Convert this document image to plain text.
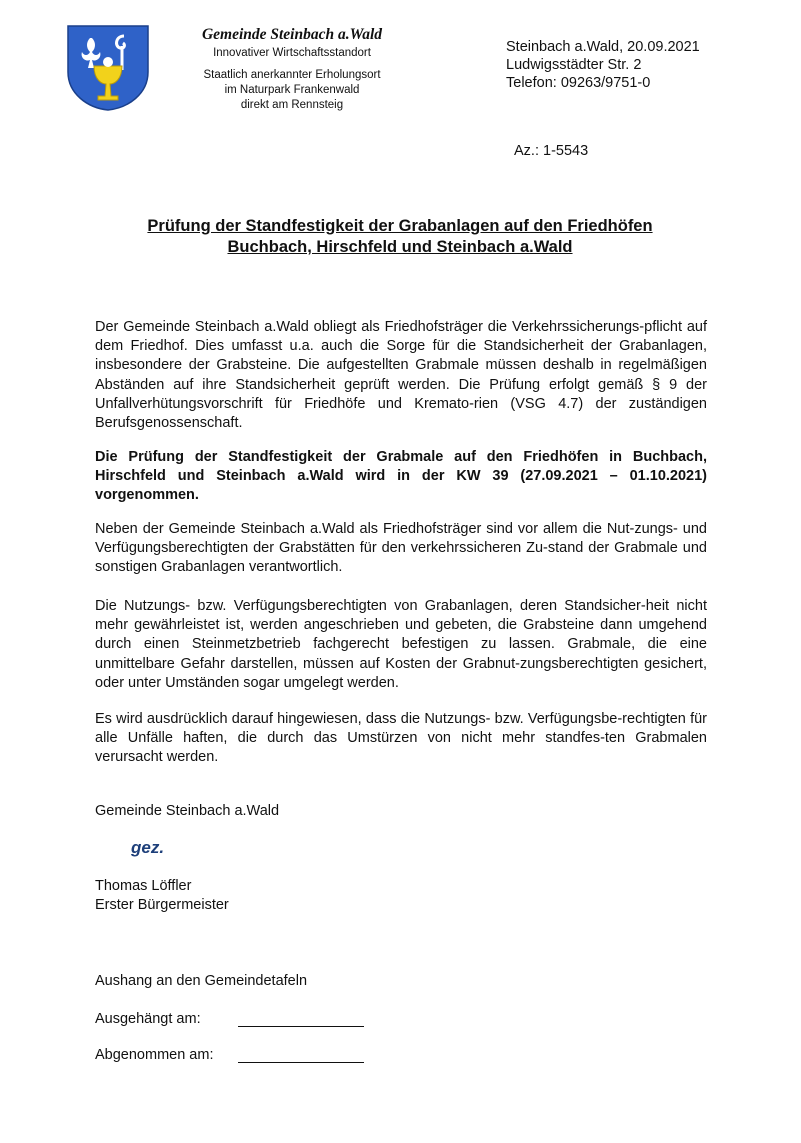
Gemeinde Steinbach a.Wald
Innovativer Wirtschaftsstandort
Staatlich anerkannter Erholungsort
im Naturpark Frankenwald
direkt am Rennsteig
Steinbach a.Wald, 20.09.2021
Ludwigsstädter Str. 2
Telefon: 09263/9751-0
Az.: 1-5543
Prüfung der Standfestigkeit der Grabanlagen auf den Friedhöfen
Buchbach, Hirschfeld und Steinbach a.Wald
Der Gemeinde Steinbach a.Wald obliegt als Friedhofsträger die Verkehrssicherungs-pflicht auf dem Friedhof. Dies umfasst u.a. auch die Sorge für die Standsicherheit der Grabanlagen, insbesondere der Grabsteine. Die aufgestellten Grabmale müssen deshalb in regelmäßigen Abständen auf ihre Standsicherheit geprüft werden. Die Prüfung erfolgt gemäß § 9 der Unfallverhütungsvorschrift für Friedhöfe und Kremato-rien (VSG 4.7) der zuständigen Berufsgenossenschaft.
Die Prüfung der Standfestigkeit der Grabmale auf den Friedhöfen in Buchbach, Hirschfeld und Steinbach a.Wald wird in der KW 39 (27.09.2021 – 01.10.2021) vorgenommen.
Neben der Gemeinde Steinbach a.Wald als Friedhofsträger sind vor allem die Nut-zungs- und Verfügungsberechtigten der Grabstätten für den verkehrssicheren Zu-stand der Grabmale und sonstigen Grabanlagen verantwortlich.
Die Nutzungs- bzw. Verfügungsberechtigten von Grabanlagen, deren Standsicher-heit nicht mehr gewährleistet ist, werden angeschrieben und gebeten, die Grabsteine dann umgehend durch einen Steinmetzbetrieb fachgerecht befestigen zu lassen. Grabmale, die eine unmittelbare Gefahr darstellen, müssen auf Kosten der Grabnut-zungsberechtigten gesichert, oder unter Umständen sogar umgelegt werden.
Es wird ausdrücklich darauf hingewiesen, dass die Nutzungs- bzw. Verfügungsbe-rechtigten für alle Unfälle haften, die durch das Umstürzen von nicht mehr standfes-ten Grabmalen verursacht werden.
Gemeinde Steinbach a.Wald
gez.
Thomas Löffler
Erster Bürgermeister
Aushang an den Gemeindetafeln
Ausgehängt am:
Abgenommen am:
